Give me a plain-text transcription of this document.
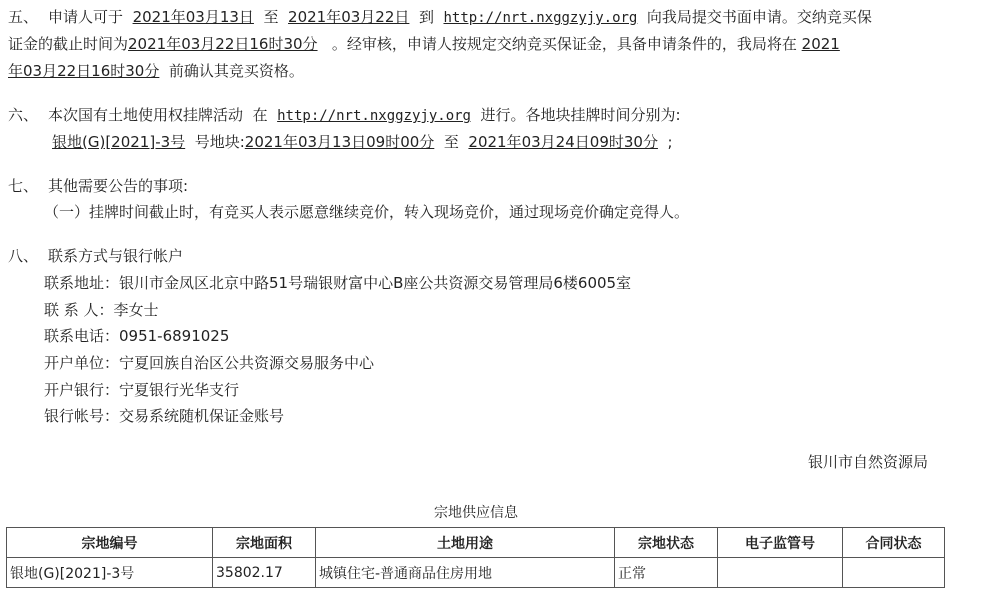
五、 申请人可于 2021年03月13日 至 2021年03月22日 到 http://nrt.nxggzyjy.org 向我局提交书面申请。交纳竞买保
证金的截止时间为2021年03月22日16时30分 。经审核，申请人按规定交纳竞买保证金，具备申请条件的，我局将在 2021
年03月22日16时30分 前确认其竞买资格。
六、 本次国有土地使用权挂牌活动 在 http://nrt.nxggzyjy.org 进行。各地块挂牌时间分别为:
银地(G)[2021]-3号 号地块:2021年03月13日09时00分 至 2021年03月24日09时30分 ;
七、 其他需要公告的事项:
（一）挂牌时间截止时，有竞买人表示愿意继续竞价，转入现场竞价，通过现场竞价确定竞得人。
八、 联系方式与银行帐户
联系地址：银川市金凤区北京中路51号瑞银财富中心B座公共资源交易管理局6楼6005室
联 系 人：李女士
联系电话：0951-6891025
开户单位：宁夏回族自治区公共资源交易服务中心
开户银行：宁夏银行光华支行
银行帐号：交易系统随机保证金账号
银川市自然资源局
宗地供应信息
宗地编号	宗地面积	土地用途	宗地状态	电子监管号	合同状态
银地(G)[2021]-3号	35802.17	城镇住宅-普通商品住房用地	正常		
